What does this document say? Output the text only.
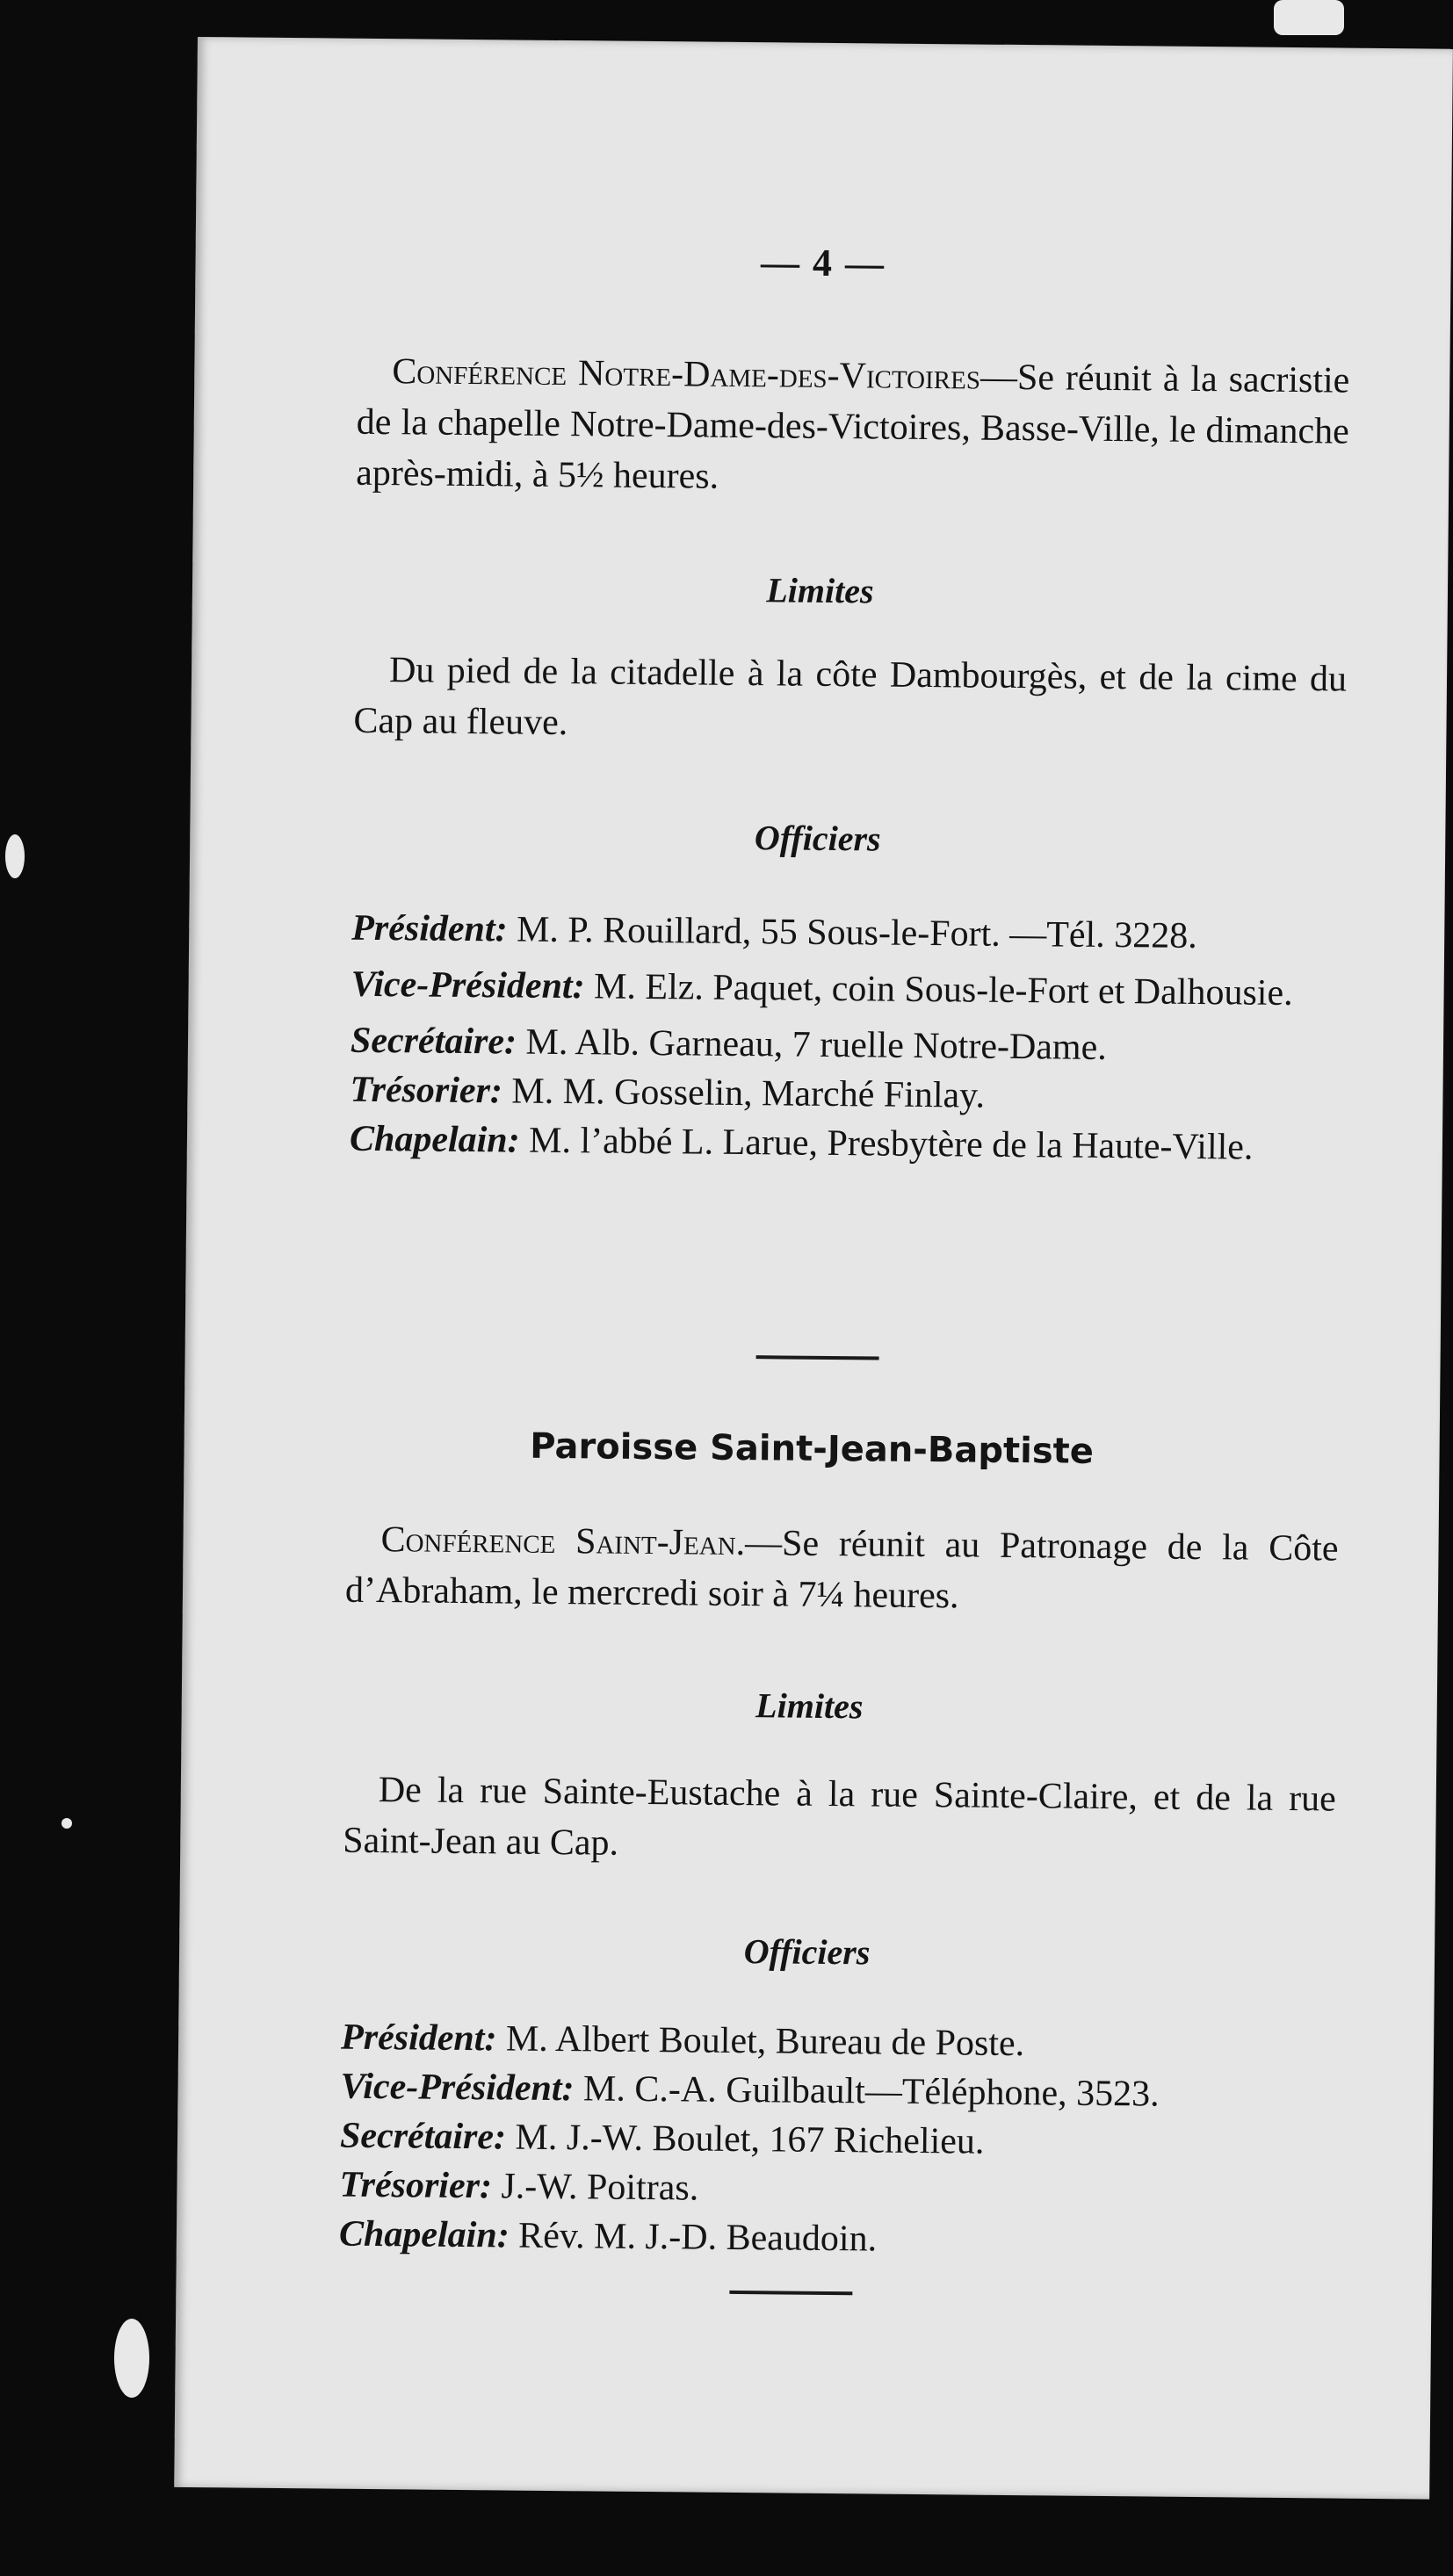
— 4 —

Conférence Notre-Dame-des-Victoires—Se réunit à la sacristie de la chapelle Notre-Dame-des-Victoires, Basse-Ville, le dimanche après-midi, à 5½ heures.

Limites

Du pied de la citadelle à la côte Dambourgès, et de la cime du Cap au fleuve.

Officiers

Président: M. P. Rouillard, 55 Sous-le-Fort. —Tél. 3228.

Vice-Président: M. Elz. Paquet, coin Sous-le-Fort et Dalhousie.

Secrétaire: M. Alb. Garneau, 7 ruelle Notre-Dame.

Trésorier: M. M. Gosselin, Marché Finlay.

Chapelain: M. l’abbé L. Larue, Presbytère de la Haute-Ville.

Paroisse Saint-Jean-Baptiste

Conférence Saint-Jean.—Se réunit au Patronage de la Côte d’Abraham, le mercredi soir à 7¼ heures.

Limites

De la rue Sainte-Eustache à la rue Sainte-Claire, et de la rue Saint-Jean au Cap.

Officiers

Président: M. Albert Boulet, Bureau de Poste.

Vice-Président: M. C.-A. Guilbault—Téléphone, 3523.

Secrétaire: M. J.-W. Boulet, 167 Richelieu.

Trésorier: J.-W. Poitras.

Chapelain: Rév. M. J.-D. Beaudoin.
